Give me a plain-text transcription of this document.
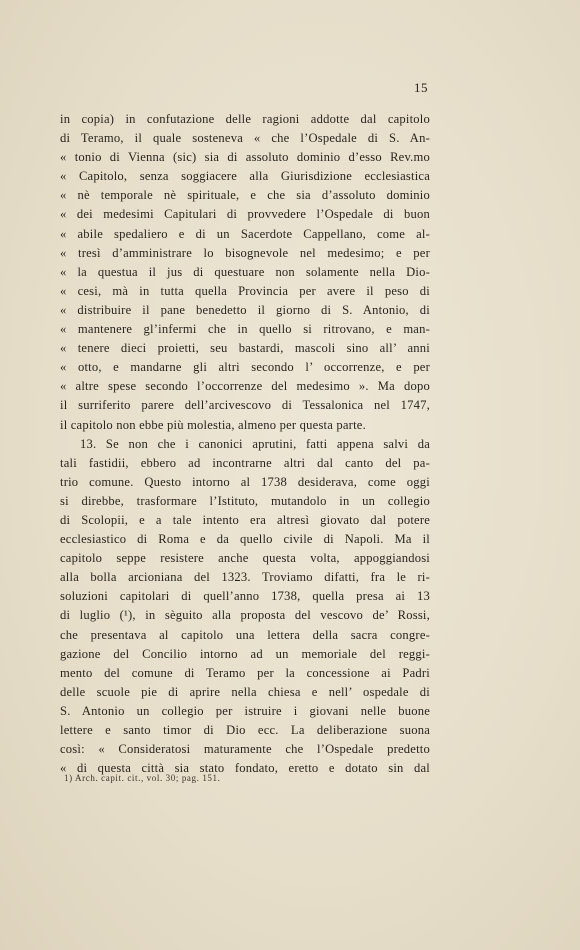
15
in copia) in confutazione delle ragioni addotte dal capitolo
di Teramo, il quale sosteneva « che l’Ospedale di S. An-
« tonio di Vienna (sic) sia di assoluto dominio d’esso Rev.mo
« Capitolo, senza soggiacere alla Giurisdizione ecclesiastica
« nè temporale nè spirituale, e che sia d’assoluto dominio
« dei medesimi Capitulari di provvedere l’Ospedale di buon
« abile spedaliero e di un Sacerdote Cappellano, come al-
« tresì d’amministrare lo bisognevole nel medesimo; e per
« la questua il jus di questuare non solamente nella Dio-
« cesi, mà in tutta quella Provincia per avere il peso di
« distribuire il pane benedetto il giorno di S. Antonio, di
« mantenere gl’infermi che in quello si ritrovano, e man-
« tenere dieci proietti, seu bastardi, mascoli sino all’ anni
« otto, e mandarne gli altri secondo l’ occorrenze, e per
« altre spese secondo l’occorrenze del medesimo ». Ma dopo
il surriferito parere dell’arcivescovo di Tessalonica nel 1747,
il capitolo non ebbe più molestia, almeno per questa parte.
13. Se non che i canonici aprutini, fatti appena salvi da
tali fastidii, ebbero ad incontrarne altri dal canto del pa-
trio comune. Questo intorno al 1738 desiderava, come oggi
si direbbe, trasformare l’Istituto, mutandolo in un collegio
di Scolopii, e a tale intento era altresì giovato dal potere
ecclesiastico di Roma e da quello civile di Napoli. Ma il
capitolo seppe resistere anche questa volta, appoggiandosi
alla bolla arcioniana del 1323. Troviamo difatti, fra le ri-
soluzioni capitolari di quell’anno 1738, quella presa ai 13
di luglio (¹), in sèguito alla proposta del vescovo de’ Rossi,
che presentava al capitolo una lettera della sacra congre-
gazione del Concilio intorno ad un memoriale del reggi-
mento del comune di Teramo per la concessione ai Padri
delle scuole pie di aprire nella chiesa e nell’ ospedale di
S. Antonio un collegio per istruire i giovani nelle buone
lettere e santo timor di Dio ecc. La deliberazione suona
così: « Consideratosi maturamente che l’Ospedale predetto
« di questa città sia stato fondato, eretto e dotato sin dal
1) Arch. capit. cit., vol. 30; pag. 151.
